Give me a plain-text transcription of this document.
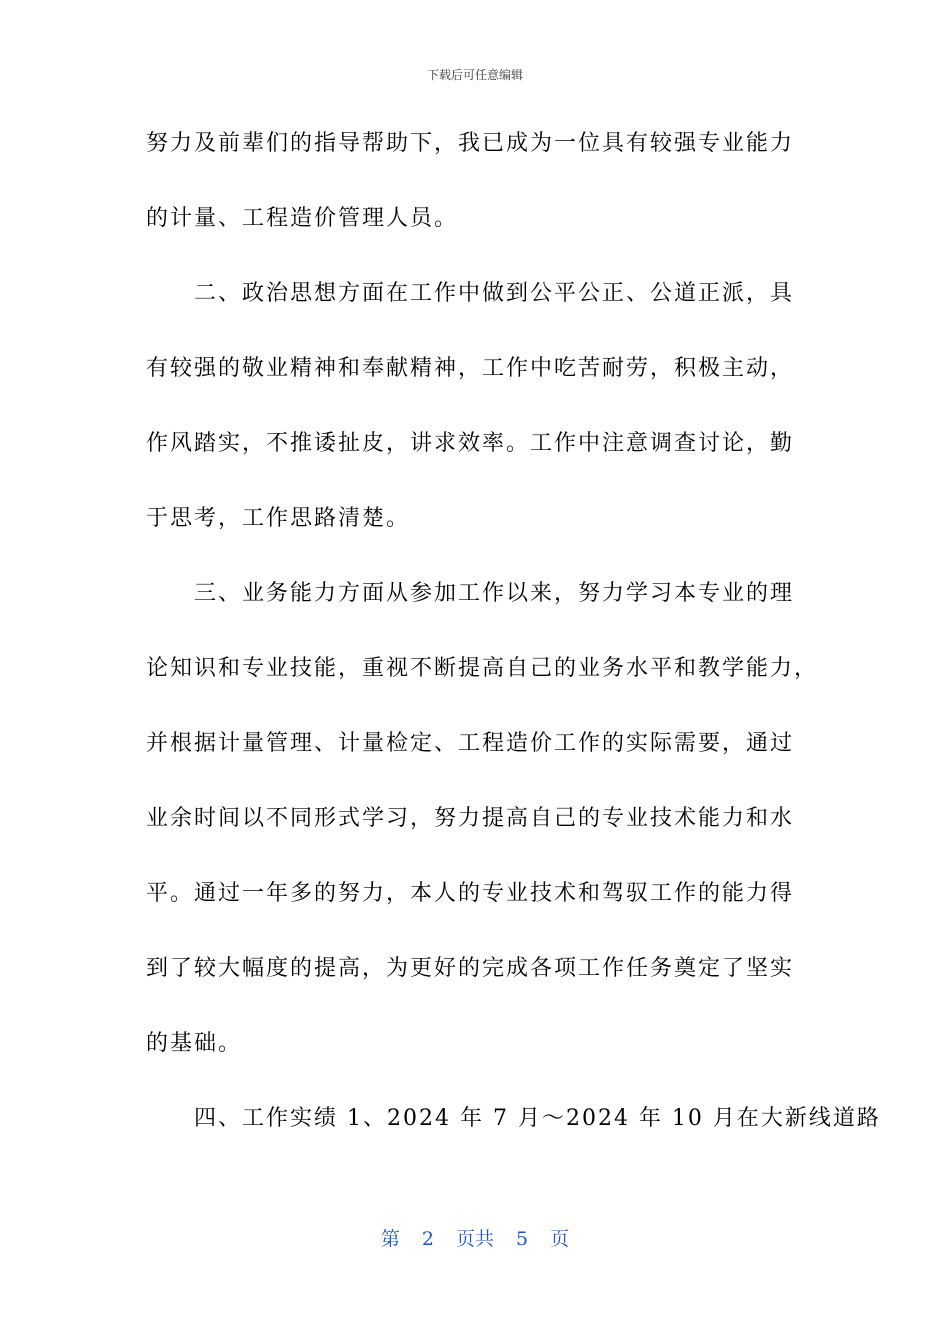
下载后可任意编辑
努力及前辈们的指导帮助下，我已成为一位具有较强专业能力
的计量、工程造价管理人员。
二、政治思想方面在工作中做到公平公正、公道正派，具
有较强的敬业精神和奉献精神，工作中吃苦耐劳，积极主动，
作风踏实，不推诿扯皮，讲求效率。工作中注意调查讨论，勤
于思考，工作思路清楚。
三、业务能力方面从参加工作以来，努力学习本专业的理
论知识和专业技能，重视不断提高自己的业务水平和教学能力，
并根据计量管理、计量检定、工程造价工作的实际需要，通过
业余时间以不同形式学习，努力提高自己的专业技术能力和水
平。通过一年多的努力，本人的专业技术和驾驭工作的能力得
到了较大幅度的提高，为更好的完成各项工作任务奠定了坚实
的基础。
四、工作实绩 1、2024 年 7 月～2024 年 10 月在大新线道路
第 2 页共 5 页
